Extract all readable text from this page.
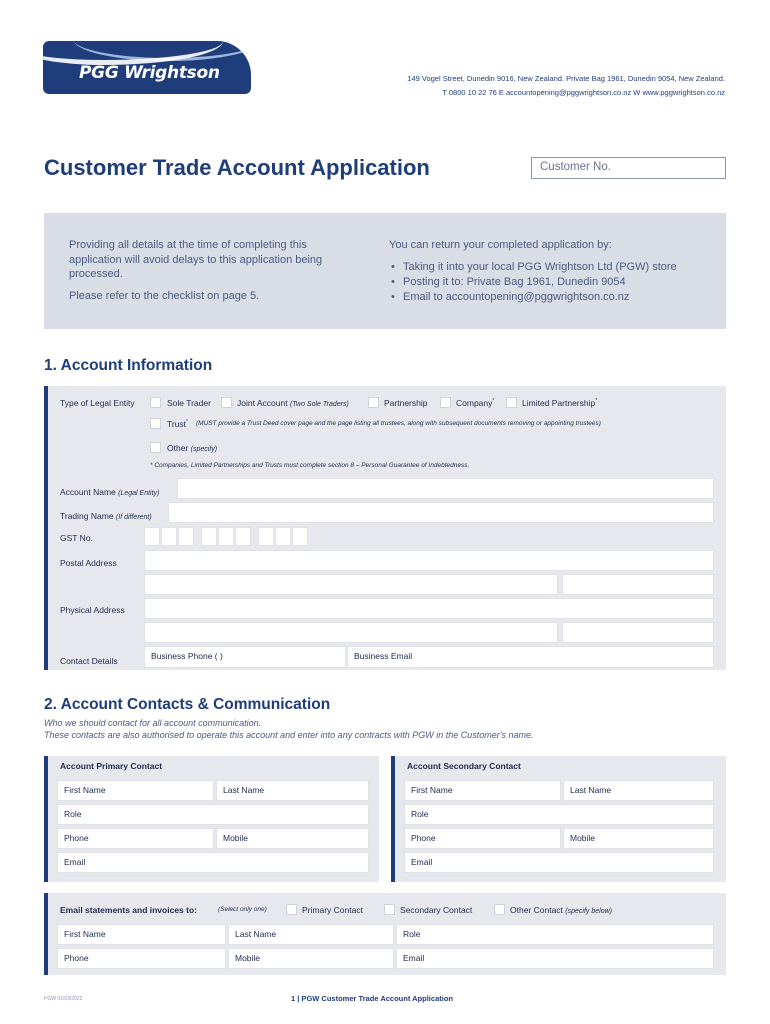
PGG Wrightson	149 Vogel Street, Dunedin 9016, New Zealand. Private Bag 1961, Dunedin 9054, New Zealand.
T 0800 10 22 76 E accountopening@pggwrightson.co.nz W www.pggwrightson.co.nz
Customer Trade Account Application	Customer No.

Providing all details at the time of completing this application will avoid delays to this application being processed.

Please refer to the checklist on page 5.

You can return your completed application by:

• Taking it into your local PGG Wrightson Ltd (PGW) store
• Posting it to: Private Bag 1961, Dunedin 9054
• Email to accountopening@pggwrightson.co.nz
1. Account Information
Type of Legal Entity	Sole Trader	Joint Account (Two Sole Traders)	Partnership	Company*	Limited Partnership*
Trust* (MUST provide a Trust Deed cover page and the page listing all trustees, along with subsequent documents removing or appointing trustees)
Other (specify)
* Companies, Limited Partnerships and Trusts must complete section 8 – Personal Guarantee of Indebtedness.
Account Name (Legal Entity)
Trading Name (If different)
GST No.
Postal Address
Physical Address
Contact Details	Business Phone ( )	Business Email
2. Account Contacts & Communication
Who we should contact for all account communication.
These contacts are also authorised to operate this account and enter into any contracts with PGW in the Customer's name.
Account Primary Contact
First Name	Last Name
Role
Phone	Mobile
Email
Account Secondary Contact
First Name	Last Name
Role
Phone	Mobile
Email
Email statements and invoices to:	(Select only one)	Primary Contact	Secondary Contact	Other Contact (specify below)
First Name	Last Name	Role
Phone	Mobile	Email
PGW 01/03/2022	1 | PGW Customer Trade Account Application
